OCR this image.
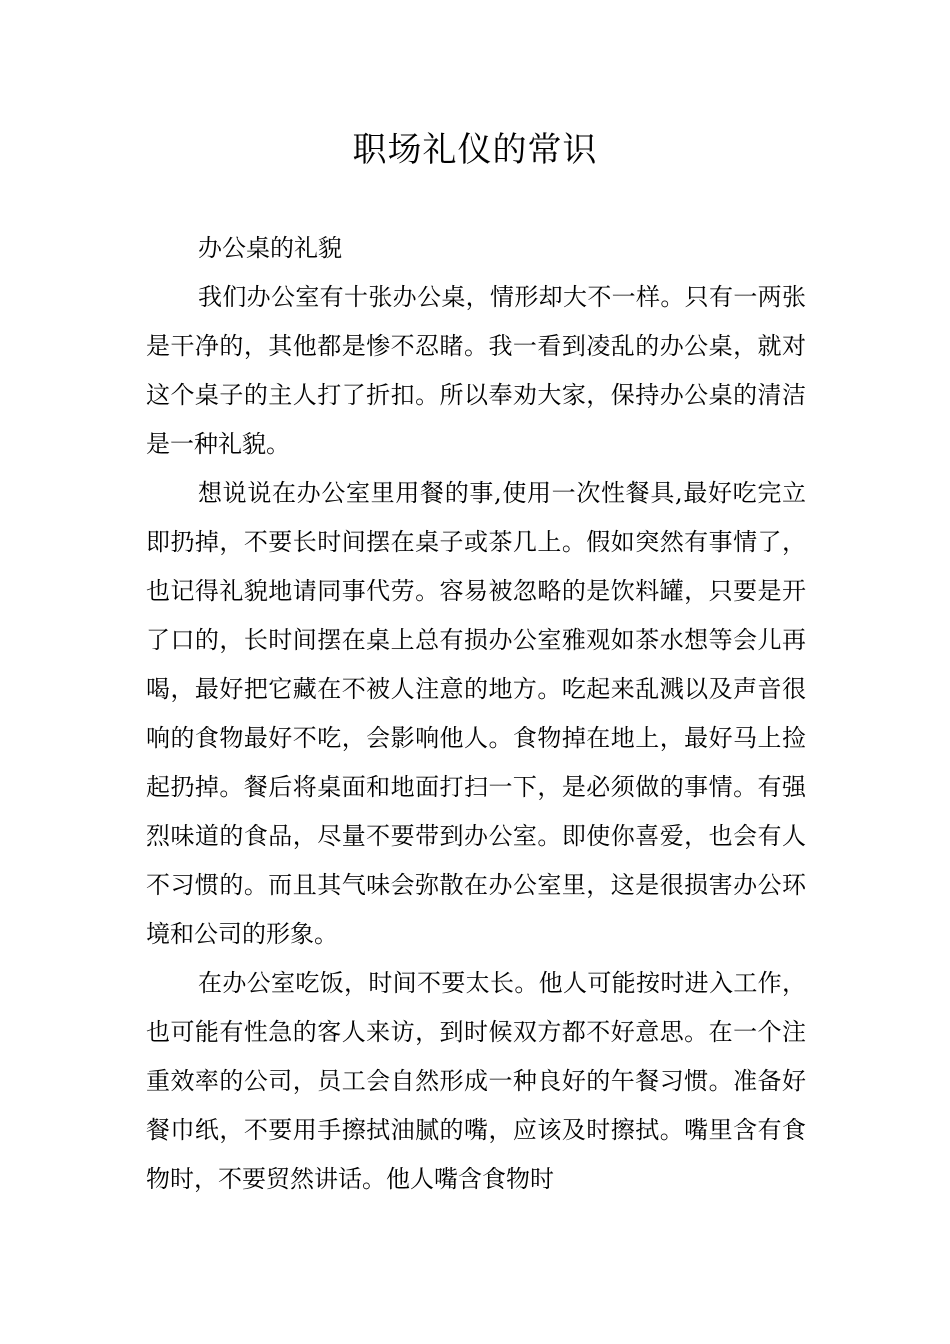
职场礼仪的常识

办公桌的礼貌

我们办公室有十张办公桌，情形却大不一样。只有一两张是干净的，其他都是惨不忍睹。我一看到凌乱的办公桌，就对这个桌子的主人打了折扣。所以奉劝大家，保持办公桌的清洁是一种礼貌。

想说说在办公室里用餐的事,使用一次性餐具,最好吃完立即扔掉，不要长时间摆在桌子或茶几上。假如突然有事情了，也记得礼貌地请同事代劳。容易被忽略的是饮料罐，只要是开了口的，长时间摆在桌上总有损办公室雅观如茶水想等会儿再喝，最好把它藏在不被人注意的地方。吃起来乱溅以及声音很响的食物最好不吃，会影响他人。食物掉在地上，最好马上捡起扔掉。餐后将桌面和地面打扫一下，是必须做的事情。有强烈味道的食品，尽量不要带到办公室。即使你喜爱，也会有人不习惯的。而且其气味会弥散在办公室里，这是很损害办公环境和公司的形象。

在办公室吃饭，时间不要太长。他人可能按时进入工作，也可能有性急的客人来访，到时候双方都不好意思。在一个注重效率的公司，员工会自然形成一种良好的午餐习惯。准备好餐巾纸，不要用手擦拭油腻的嘴，应该及时擦拭。嘴里含有食物时，不要贸然讲话。他人嘴含食物时
